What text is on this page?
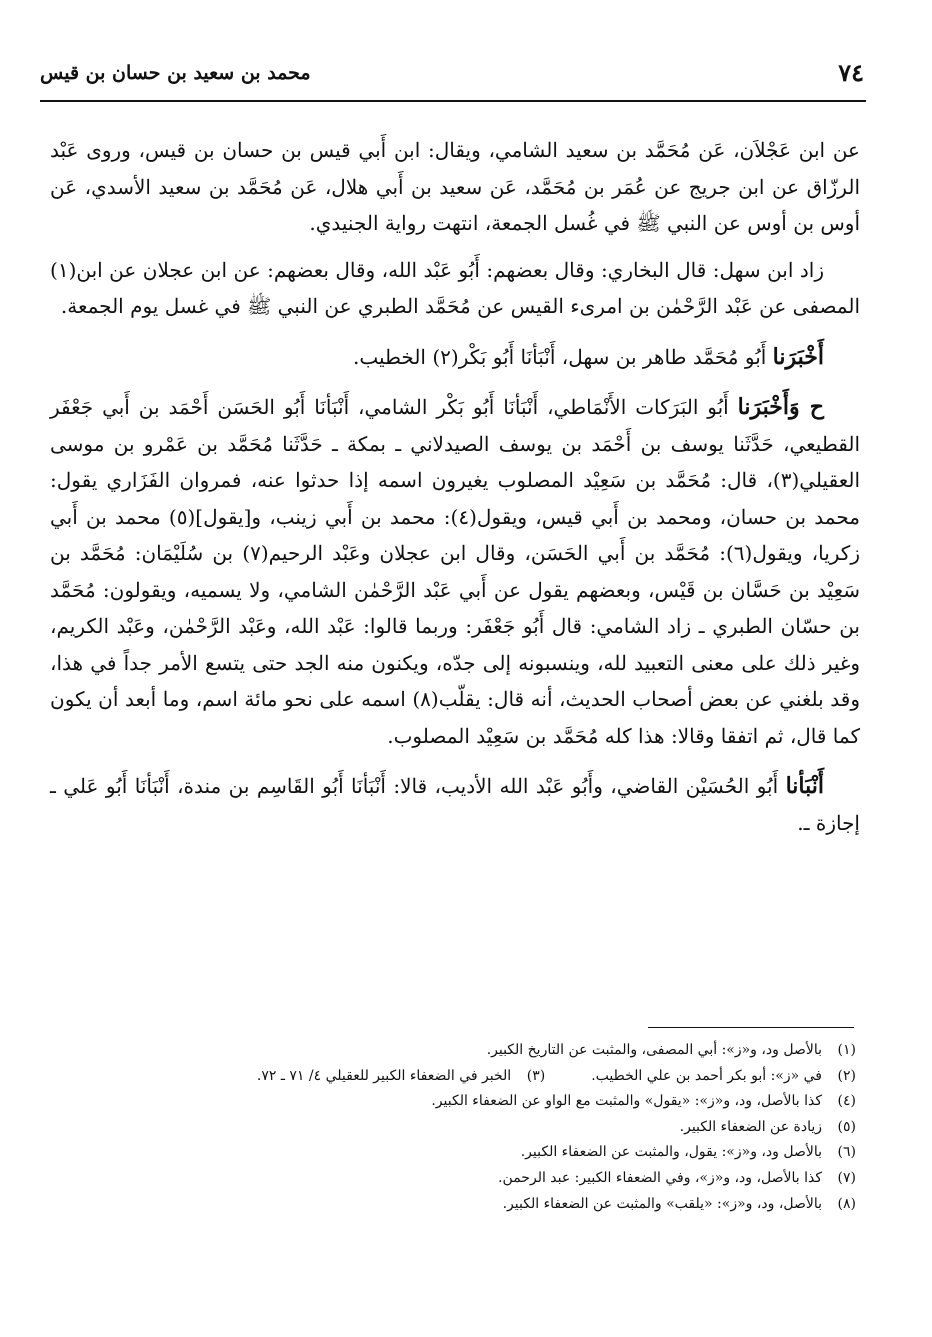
٧٤
محمد بن سعيد بن حسان بن قيس

عن ابن عَجْلاَن، عَن مُحَمَّد بن سعيد الشامي، ويقال: ابن أَبي قيس بن حسان بن قيس، وروى عَبْد الرزّاق عن ابن جريج عن عُمَر بن مُحَمَّد، عَن سعيد بن أَبي هلال، عَن مُحَمَّد بن سعيد الأسدي، عَن أوس بن أوس عن النبي ﷺ في غُسل الجمعة، انتهت رواية الجنيدي.

زاد ابن سهل: قال البخاري: وقال بعضهم: أَبُو عَبْد الله، وقال بعضهم: عن ابن عجلان عن ابن(١) المصفى عن عَبْد الرَّحْمٰن بن امرىء القيس عن مُحَمَّد الطبري عن النبي ﷺ في غسل يوم الجمعة.

أَخْبَرَنا أَبُو مُحَمَّد طاهر بن سهل، أَنْبَأنَا أَبُو بَكْر(٢) الخطيب.

ح وَأَخْبَرَنا أَبُو البَرَكات الأَنْمَاطي، أَنْبَأنَا أَبُو بَكْر الشامي، أَنْبَأنَا أَبُو الحَسَن أَحْمَد بن أَبي جَعْفَر القطيعي، حَدَّثَنا يوسف بن أَحْمَد بن يوسف الصيدلاني ـ بمكة ـ حَدَّثَنا مُحَمَّد بن عَمْرو بن موسى العقيلي(٣)، قال: مُحَمَّد بن سَعِيْد المصلوب يغيرون اسمه إذا حدثوا عنه، فمروان الفَزَاري يقول: محمد بن حسان، ومحمد بن أَبي قيس، ويقول(٤): محمد بن أَبي زينب، و[يقول](٥) محمد بن أَبي زكريا، ويقول(٦): مُحَمَّد بن أَبي الحَسَن، وقال ابن عجلان وعَبْد الرحيم(٧) بن سُلَيْمَان: مُحَمَّد بن سَعِيْد بن حَسَّان بن قَيْس، وبعضهم يقول عن أَبي عَبْد الرَّحْمٰن الشامي، ولا يسميه، ويقولون: مُحَمَّد بن حسّان الطبري ـ زاد الشامي: قال أَبُو جَعْفَر: وربما قالوا: عَبْد الله، وعَبْد الرَّحْمٰن، وعَبْد الكريم، وغير ذلك على معنى التعبيد لله، وينسبونه إلى جدّه، ويكنون منه الجد حتى يتسع الأمر جداً في هذا، وقد بلغني عن بعض أصحاب الحديث، أنه قال: يقلّب(٨) اسمه على نحو مائة اسم، وما أبعد أن يكون كما قال، ثم اتفقا وقالا: هذا كله مُحَمَّد بن سَعِيْد المصلوب.

أَنْبَأنا أَبُو الحُسَيْن القاضي، وأَبُو عَبْد الله الأديب، قالا: أَنْبَأنَا أَبُو القَاسِم بن مندة، أَنْبَأنَا أَبُو عَلي ـ إجازة ـ.

(١)
بالأصل ود، و«ز»: أبي المصفى، والمثبت عن التاريخ الكبير.
(٢)
في «ز»: أبو بكر أحمد بن علي الخطيب.
(٣)
الخبر في الضعفاء الكبير للعقيلي ٤/ ٧١ ـ ٧٢.
(٤)
كذا بالأصل، ود، و«ز»: «يقول» والمثبت مع الواو عن الضعفاء الكبير.
(٥)
زيادة عن الضعفاء الكبير.
(٦)
بالأصل ود، و«ز»: يقول، والمثبت عن الضعفاء الكبير.
(٧)
كذا بالأصل، ود، و«ز»، وفي الضعفاء الكبير: عبد الرحمن.
(٨)
بالأصل، ود، و«ز»: «يلقب» والمثبت عن الضعفاء الكبير.
